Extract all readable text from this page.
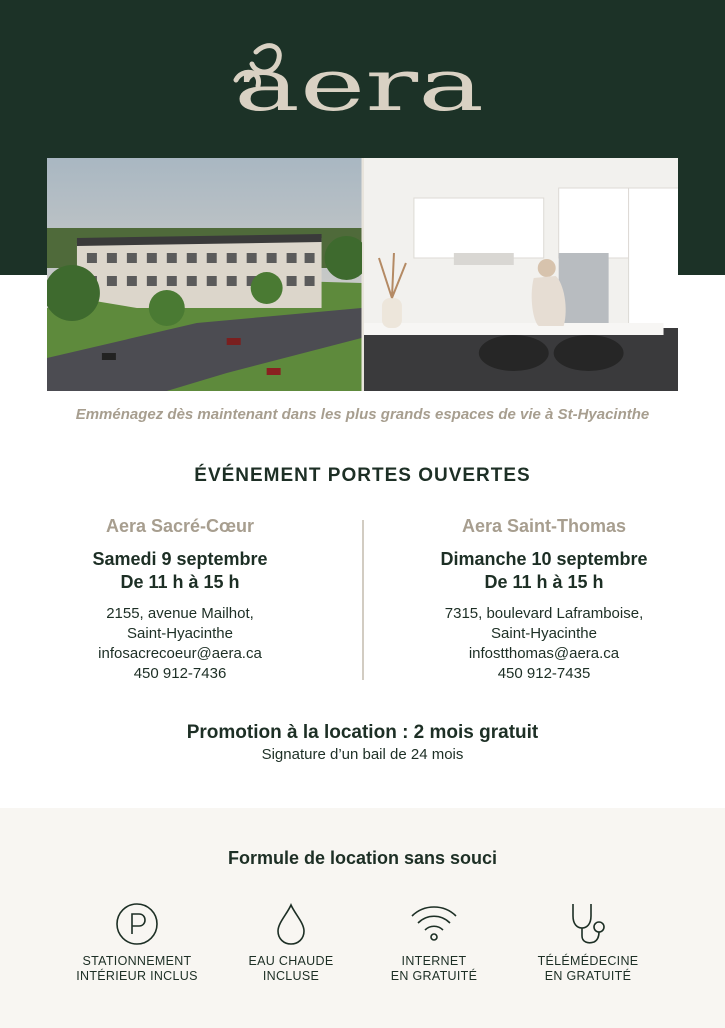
aera
Emménagez dès maintenant dans les plus grands espaces de vie à St-Hyacinthe
ÉVÉNEMENT PORTES OUVERTES
Aera Sacré-Cœur
Samedi 9 septembre
De 11 h à 15 h
2155, avenue Mailhot,
Saint-Hyacinthe
infosacrecoeur@aera.ca
450 912-7436
Aera Saint-Thomas
Dimanche 10 septembre
De 11 h à 15 h
7315, boulevard Laframboise,
Saint-Hyacinthe
infostthomas@aera.ca
450 912-7435
Promotion à la location : 2 mois gratuit
Signature d’un bail de 24 mois
Formule de location sans souci
STATIONNEMENT
INTÉRIEUR INCLUS
EAU CHAUDE
INCLUSE
INTERNET
EN GRATUITÉ
TÉLÉMÉDECINE
EN GRATUITÉ
